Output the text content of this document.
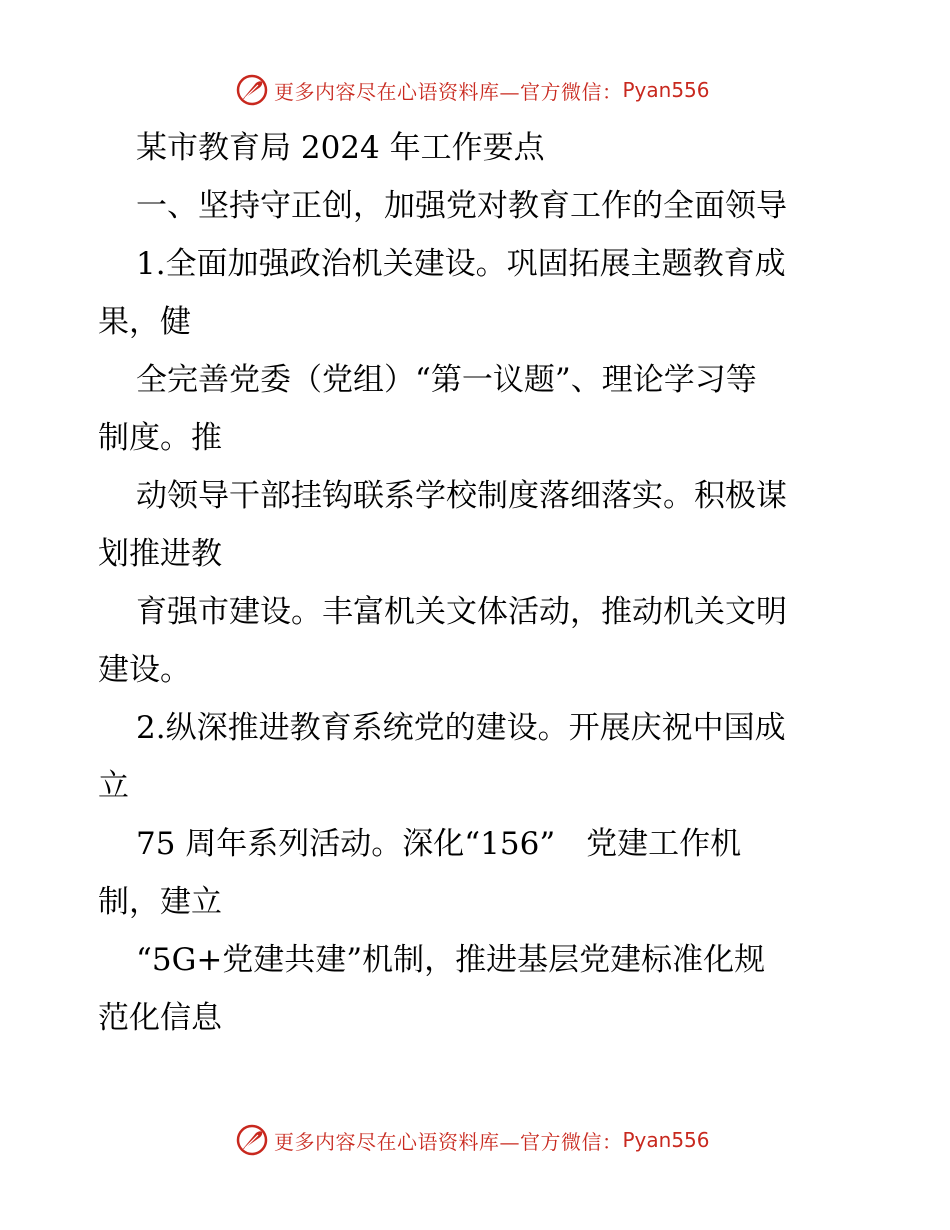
更多内容尽在心语资料库—官方微信： Pyan556
某市教育局 2024 年工作要点
一、坚持守正创，加强党对教育工作的全面领导
1.全面加强政治机关建设。巩固拓展主题教育成
果，健
全完善党委（党组）“第一议题”、理论学习等
制度。推
动领导干部挂钩联系学校制度落细落实。积极谋
划推进教
育强市建设。丰富机关文体活动，推动机关文明
建设。
2.纵深推进教育系统党的建设。开展庆祝中国成
立
75 周年系列活动。深化“156”　党建工作机
制，建立
“5G+党建共建”机制，推进基层党建标准化规
范化信息
更多内容尽在心语资料库—官方微信： Pyan556
